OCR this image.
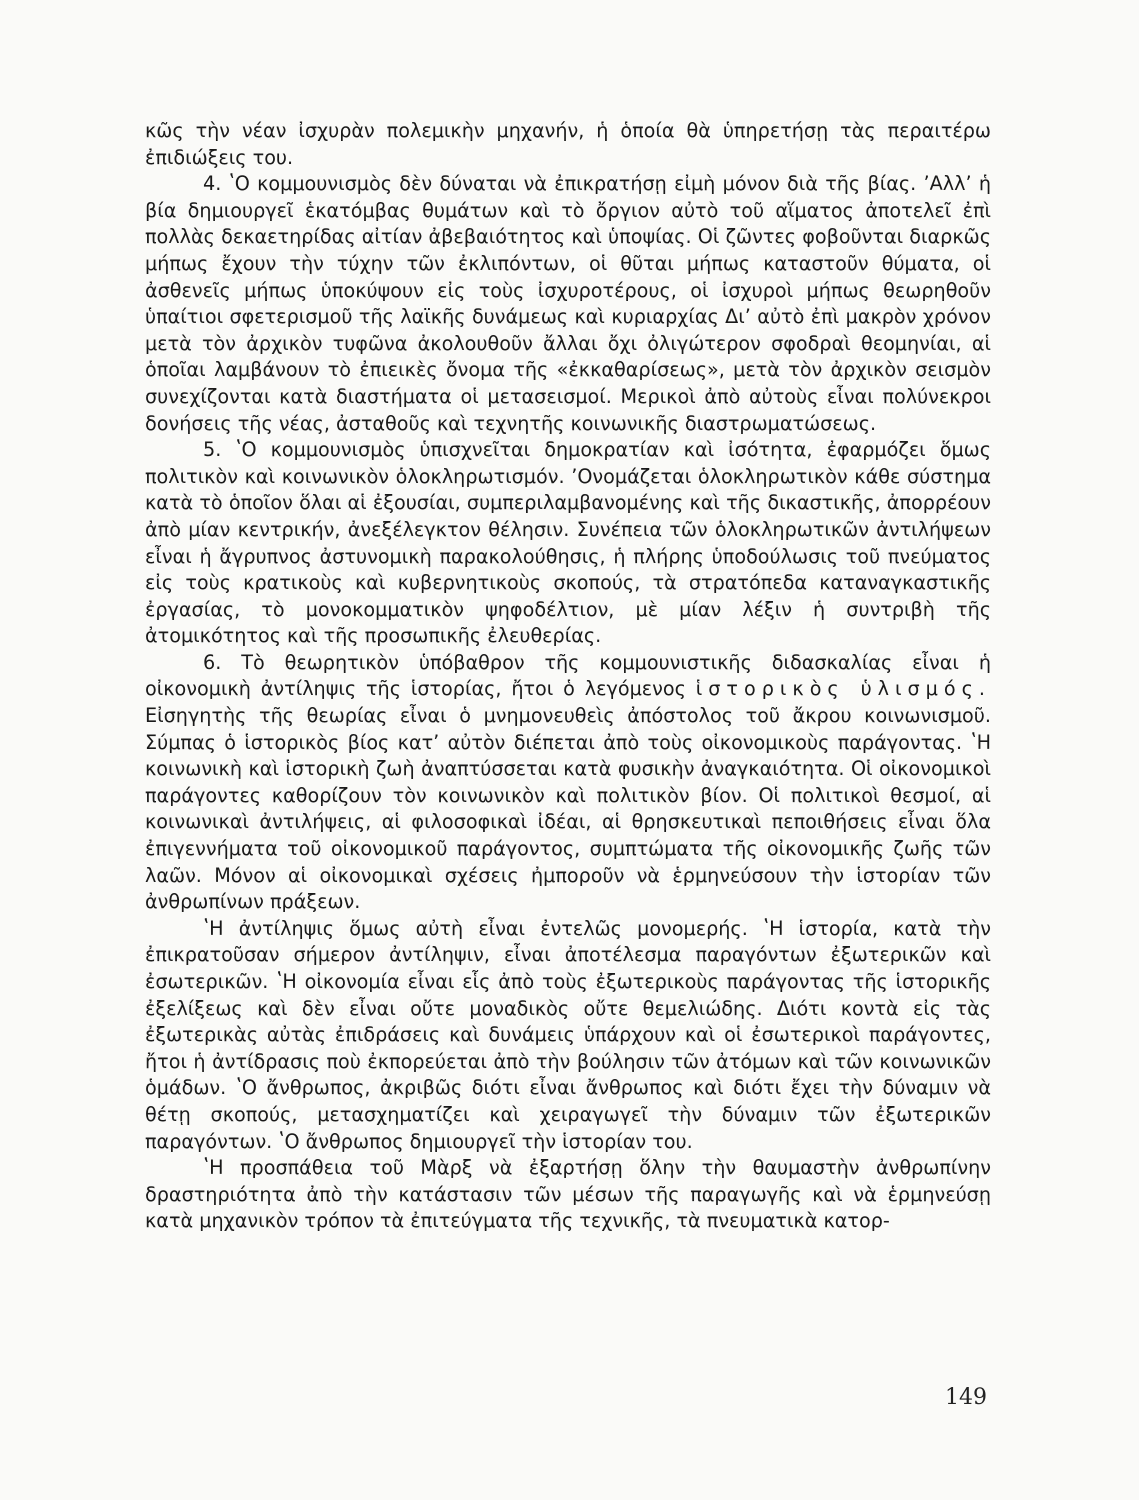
κῶς τὴν νέαν ἰσχυρὰν πολεμικὴν μηχανήν, ἡ ὁποία θὰ ὑπηρετήσῃ τὰς περαιτέρω ἐπιδιώξεις του.

4. ʽΟ κομμουνισμὸς δὲν δύναται νὰ ἐπικρατήσῃ εἰμὴ μόνον διὰ τῆς βίας. ʼΑλλʼ ἡ βία δημιουργεῖ ἑκατόμβας θυμάτων καὶ τὸ ὄργιον αὐτὸ τοῦ αἵματος ἀποτελεῖ ἐπὶ πολλὰς δεκαετηρίδας αἰτίαν ἀβεβαιότητος καὶ ὑποψίας. Οἱ ζῶντες φοβοῦνται διαρκῶς μήπως ἔχουν τὴν τύχην τῶν ἐκλιπόντων, οἱ θῦται μήπως καταστοῦν θύματα, οἱ ἀσθενεῖς μήπως ὑποκύψουν εἰς τοὺς ἰσχυροτέρους, οἱ ἰσχυροὶ μήπως θεωρηθοῦν ὑπαίτιοι σφετερισμοῦ τῆς λαϊκῆς δυνάμεως καὶ κυριαρχίας Διʼ αὐτὸ ἐπὶ μακρὸν χρόνον μετὰ τὸν ἀρχικὸν τυφῶνα ἀκολουθοῦν ἄλλαι ὄχι ὀλιγώτερον σφοδραὶ θεομηνίαι, αἱ ὁποῖαι λαμβάνουν τὸ ἐπιεικὲς ὄνομα τῆς «ἐκκαθαρίσεως», μετὰ τὸν ἀρχικὸν σεισμὸν συνεχίζονται κατὰ διαστήματα οἱ μετασεισμοί. Μερικοὶ ἀπὸ αὐτοὺς εἶναι πολύνεκροι δονήσεις τῆς νέας, ἀσταθοῦς καὶ τεχνητῆς κοινωνικῆς διαστρωματώσεως.

5. ʽΟ κομμουνισμὸς ὑπισχνεῖται δημοκρατίαν καὶ ἰσότητα, ἐφαρμόζει ὅμως πολιτικὸν καὶ κοινωνικὸν ὁλοκληρωτισμόν. ʼΟνομάζεται ὁλοκληρωτικὸν κάθε σύστημα κατὰ τὸ ὁποῖον ὅλαι αἱ ἐξουσίαι, συμπεριλαμβανομένης καὶ τῆς δικαστικῆς, ἀπορρέουν ἀπὸ μίαν κεντρικήν, ἀνεξέλεγκτον θέλησιν. Συνέπεια τῶν ὁλοκληρωτικῶν ἀντιλήψεων εἶναι ἡ ἄγρυπνος ἀστυνομικὴ παρακολούθησις, ἡ πλήρης ὑποδούλωσις τοῦ πνεύματος εἰς τοὺς κρατικοὺς καὶ κυβερνητικοὺς σκοπούς, τὰ στρατόπεδα καταναγκαστικῆς ἐργασίας, τὸ μονοκομματικὸν ψηφοδέλτιον, μὲ μίαν λέξιν ἡ συντριβὴ τῆς ἀτομικότητος καὶ τῆς προσωπικῆς ἐλευθερίας.

6. Τὸ θεωρητικὸν ὑπόβαθρον τῆς κομμουνιστικῆς διδασκαλίας εἶναι ἡ οἰκονομικὴ ἀντίληψις τῆς ἱστορίας, ἤτοι ὁ λεγόμενος ἱστορικὸς ὑλισμός. Εἰσηγητὴς τῆς θεωρίας εἶναι ὁ μνημονευθεὶς ἀπόστολος τοῦ ἄκρου κοινωνισμοῦ. Σύμπας ὁ ἱστορικὸς βίος κατʼ αὐτὸν διέπεται ἀπὸ τοὺς οἰκονομικοὺς παράγοντας. ʽΗ κοινωνικὴ καὶ ἱστορικὴ ζωὴ ἀναπτύσσεται κατὰ φυσικὴν ἀναγκαιότητα. Οἱ οἰκονομικοὶ παράγοντες καθορίζουν τὸν κοινωνικὸν καὶ πολιτικὸν βίον. Οἱ πολιτικοὶ θεσμοί, αἱ κοινωνικαὶ ἀντιλήψεις, αἱ φιλοσοφικαὶ ἰδέαι, αἱ θρησκευτικαὶ πεποιθήσεις εἶναι ὅλα ἐπιγεννήματα τοῦ οἰκονομικοῦ παράγοντος, συμπτώματα τῆς οἰκονομικῆς ζωῆς τῶν λαῶν. Μόνον αἱ οἰκονομικαὶ σχέσεις ἠμποροῦν νὰ ἑρμηνεύσουν τὴν ἱστορίαν τῶν ἀνθρωπίνων πράξεων.

ʽΗ ἀντίληψις ὅμως αὐτὴ εἶναι ἐντελῶς μονομερής. ʽΗ ἱστορία, κατὰ τὴν ἐπικρατοῦσαν σήμερον ἀντίληψιν, εἶναι ἀποτέλεσμα παραγόντων ἐξωτερικῶν καὶ ἐσωτερικῶν. ʽΗ οἰκονομία εἶναι εἷς ἀπὸ τοὺς ἐξωτερικοὺς παράγοντας τῆς ἱστορικῆς ἐξελίξεως καὶ δὲν εἶναι οὔτε μοναδικὸς οὔτε θεμελιώδης. Διότι κοντὰ εἰς τὰς ἐξωτερικὰς αὐτὰς ἐπιδράσεις καὶ δυνάμεις ὑπάρχουν καὶ οἱ ἐσωτερικοὶ παράγοντες, ἤτοι ἡ ἀντίδρασις ποὺ ἐκπορεύεται ἀπὸ τὴν βούλησιν τῶν ἀτόμων καὶ τῶν κοινωνικῶν ὁμάδων. ʽΟ ἄνθρωπος, ἀκριβῶς διότι εἶναι ἄνθρωπος καὶ διότι ἔχει τὴν δύναμιν νὰ θέτῃ σκοπούς, μετασχηματίζει καὶ χειραγωγεῖ τὴν δύναμιν τῶν ἐξωτερικῶν παραγόντων. ʽΟ ἄνθρωπος δημιουργεῖ τὴν ἱστορίαν του.

ʽΗ προσπάθεια τοῦ Μὰρξ νὰ ἐξαρτήσῃ ὅλην τὴν θαυμαστὴν ἀνθρωπίνην δραστηριότητα ἀπὸ τὴν κατάστασιν τῶν μέσων τῆς παραγωγῆς καὶ νὰ ἑρμηνεύσῃ κατὰ μηχανικὸν τρόπον τὰ ἐπιτεύγματα τῆς τεχνικῆς, τὰ πνευματικὰ κατορ-

149
